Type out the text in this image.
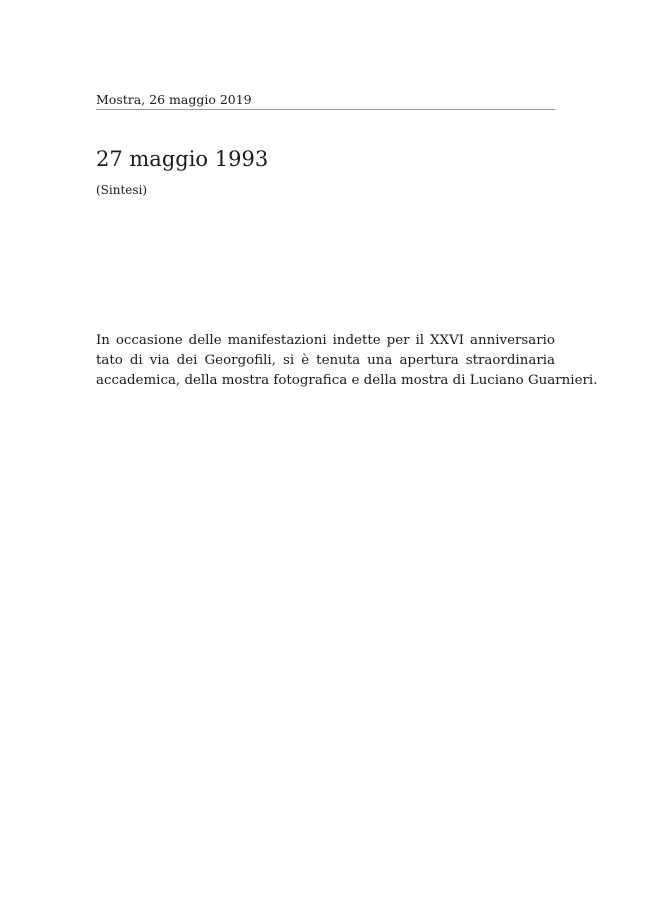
Mostra, 26 maggio 2019
27 maggio 1993
(Sintesi)
In occasione delle manifestazioni indette per il XXVI anniversario
tato di via dei Georgofili, si è tenuta una apertura straordinaria
accademica, della mostra fotografica e della mostra di Luciano Guarnieri.
